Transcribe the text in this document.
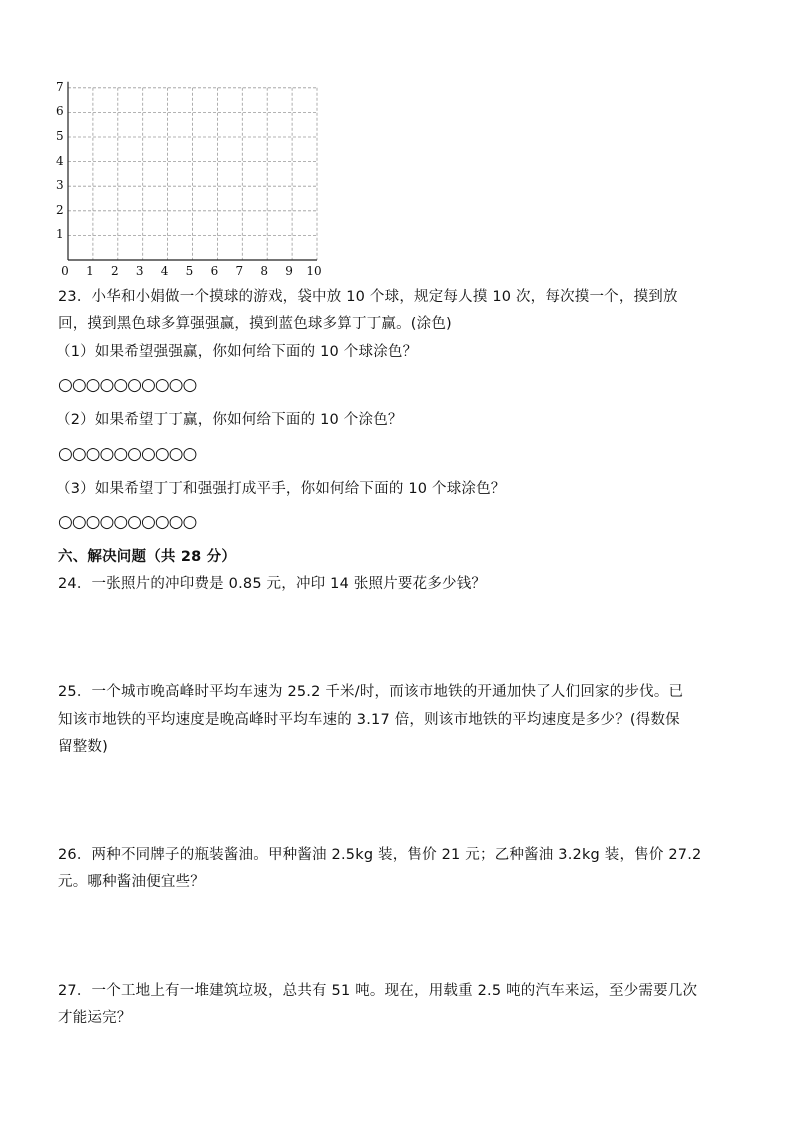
0 1 2 3 4 5 6 7 8 9 10
1
2
3
4
5
6
7
23．小华和小娟做一个摸球的游戏，袋中放 10 个球，规定每人摸 10 次，每次摸一个，摸到放
回，摸到黑色球多算强强赢，摸到蓝色球多算丁丁赢。(涂色)
（1）如果希望强强赢，你如何给下面的 10 个球涂色？
○○○○○○○○○○
（2）如果希望丁丁赢，你如何给下面的 10 个涂色？
○○○○○○○○○○
（3）如果希望丁丁和强强打成平手，你如何给下面的 10 个球涂色？
○○○○○○○○○○
六、解决问题（共 28 分）
24．一张照片的冲印费是 0.85 元，冲印 14 张照片要花多少钱？
25．一个城市晚高峰时平均车速为 25.2 千米/时，而该市地铁的开通加快了人们回家的步伐。已
知该市地铁的平均速度是晚高峰时平均车速的 3.17 倍，则该市地铁的平均速度是多少？(得数保
留整数)
26．两种不同牌子的瓶装酱油。甲种酱油 2.5kg 装，售价 21 元；乙种酱油 3.2kg 装，售价 27.2
元。哪种酱油便宜些？
27．一个工地上有一堆建筑垃圾，总共有 51 吨。现在，用载重 2.5 吨的汽车来运，至少需要几次
才能运完？
